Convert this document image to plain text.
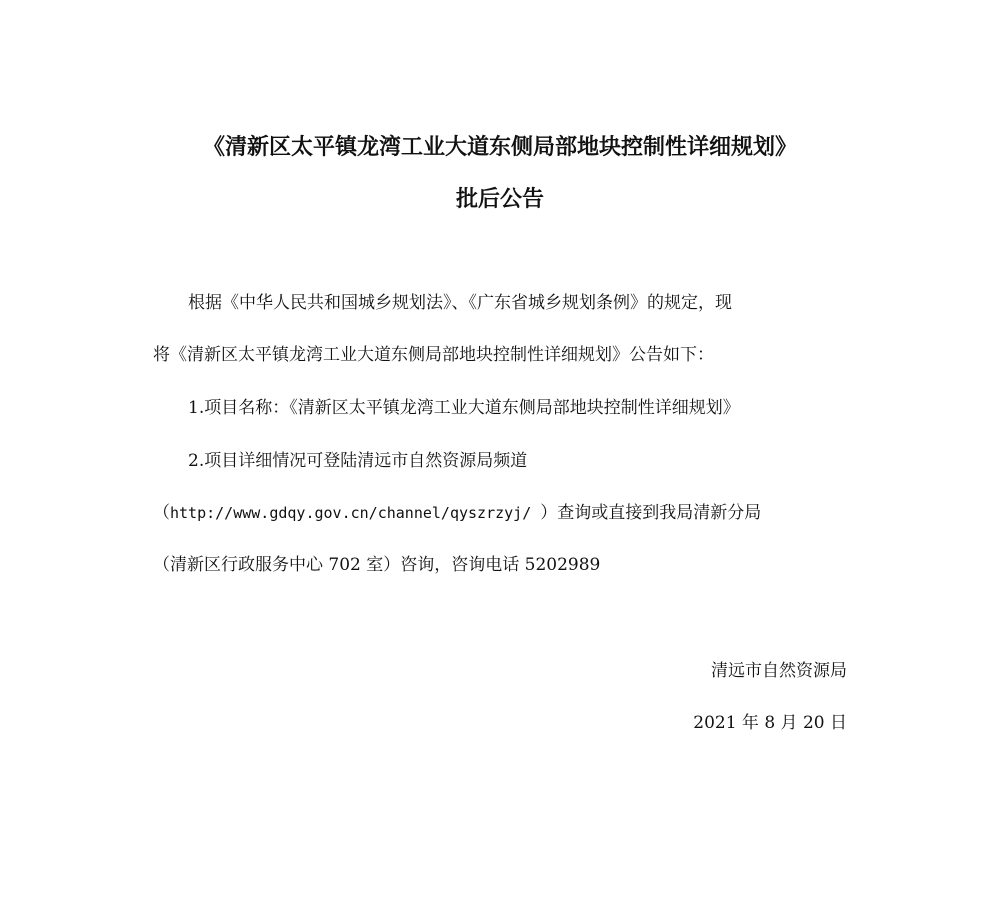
《清新区太平镇龙湾工业大道东侧局部地块控制性详细规划》
批后公告
根据《中华人民共和国城乡规划法》、《广东省城乡规划条例》的规定，现
将《清新区太平镇龙湾工业大道东侧局部地块控制性详细规划》公告如下：
1.项目名称：《清新区太平镇龙湾工业大道东侧局部地块控制性详细规划》
2.项目详细情况可登陆清远市自然资源局频道
（http://www.gdqy.gov.cn/channel/qyszrzyj/ ）查询或直接到我局清新分局
（清新区行政服务中心 702 室）咨询，咨询电话 5202989
清远市自然资源局
2021 年 8 月 20 日
